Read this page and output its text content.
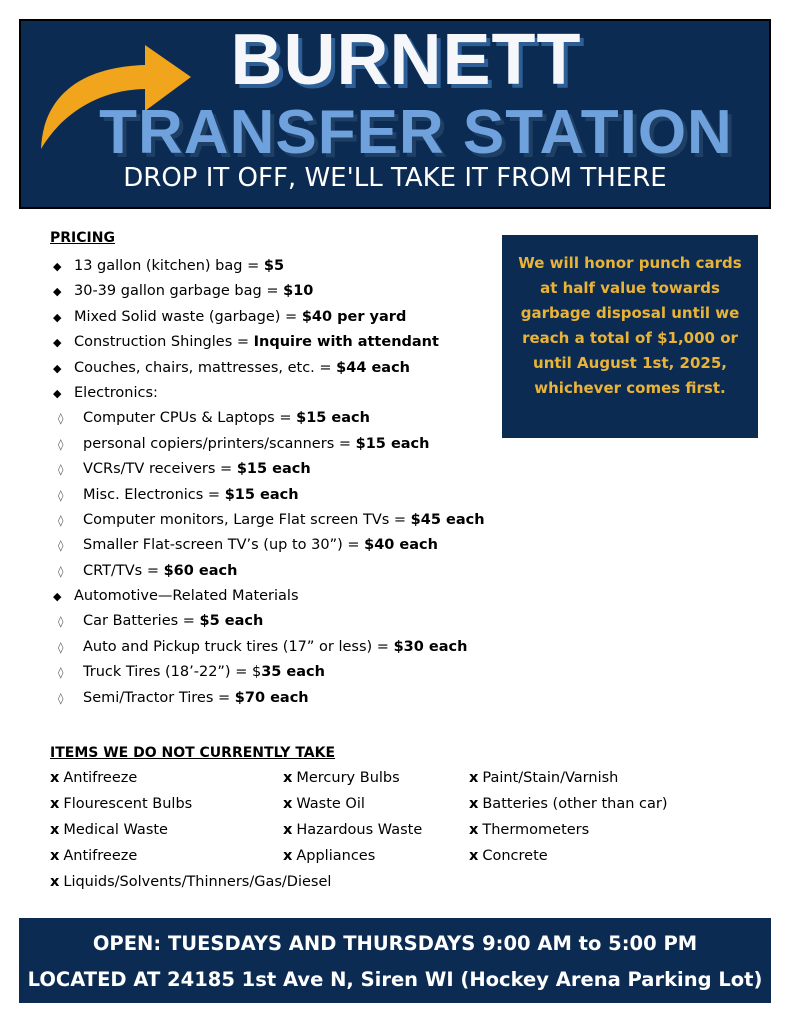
BURNETT
TRANSFER STATION
DROP IT OFF, WE'LL TAKE IT FROM THERE
PRICING
◆ 13 gallon (kitchen) bag = $5
◆ 30-39 gallon garbage bag = $10
◆ Mixed Solid waste (garbage) = $40 per yard
◆ Construction Shingles = Inquire with attendant
◆ Couches, chairs, mattresses, etc. = $44 each
◆ Electronics:
◊ Computer CPUs & Laptops = $15 each
◊ personal copiers/printers/scanners = $15 each
◊ VCRs/TV receivers = $15 each
◊ Misc. Electronics = $15 each
◊ Computer monitors, Large Flat screen TVs = $45 each
◊ Smaller Flat-screen TV’s (up to 30”) = $40 each
◊ CRT/TVs = $60 each
◆ Automotive—Related Materials
◊ Car Batteries = $5 each
◊ Auto and Pickup truck tires (17” or less) = $30 each
◊ Truck Tires (18’-22”) = $35 each
◊ Semi/Tractor Tires = $70 each
We will honor punch cards
at half value towards
garbage disposal until we
reach a total of $1,000 or
until August 1st, 2025,
whichever comes first.
ITEMS WE DO NOT CURRENTLY TAKE
x Antifreeze
x Flourescent Bulbs
x Medical Waste
x Antifreeze
x Liquids/Solvents/Thinners/Gas/Diesel
x Mercury Bulbs
x Waste Oil
x Hazardous Waste
x Appliances
x Paint/Stain/Varnish
x Batteries (other than car)
x Thermometers
x Concrete
OPEN: TUESDAYS AND THURSDAYS 9:00 AM to 5:00 PM
LOCATED AT 24185 1st Ave N, Siren WI (Hockey Arena Parking Lot)
